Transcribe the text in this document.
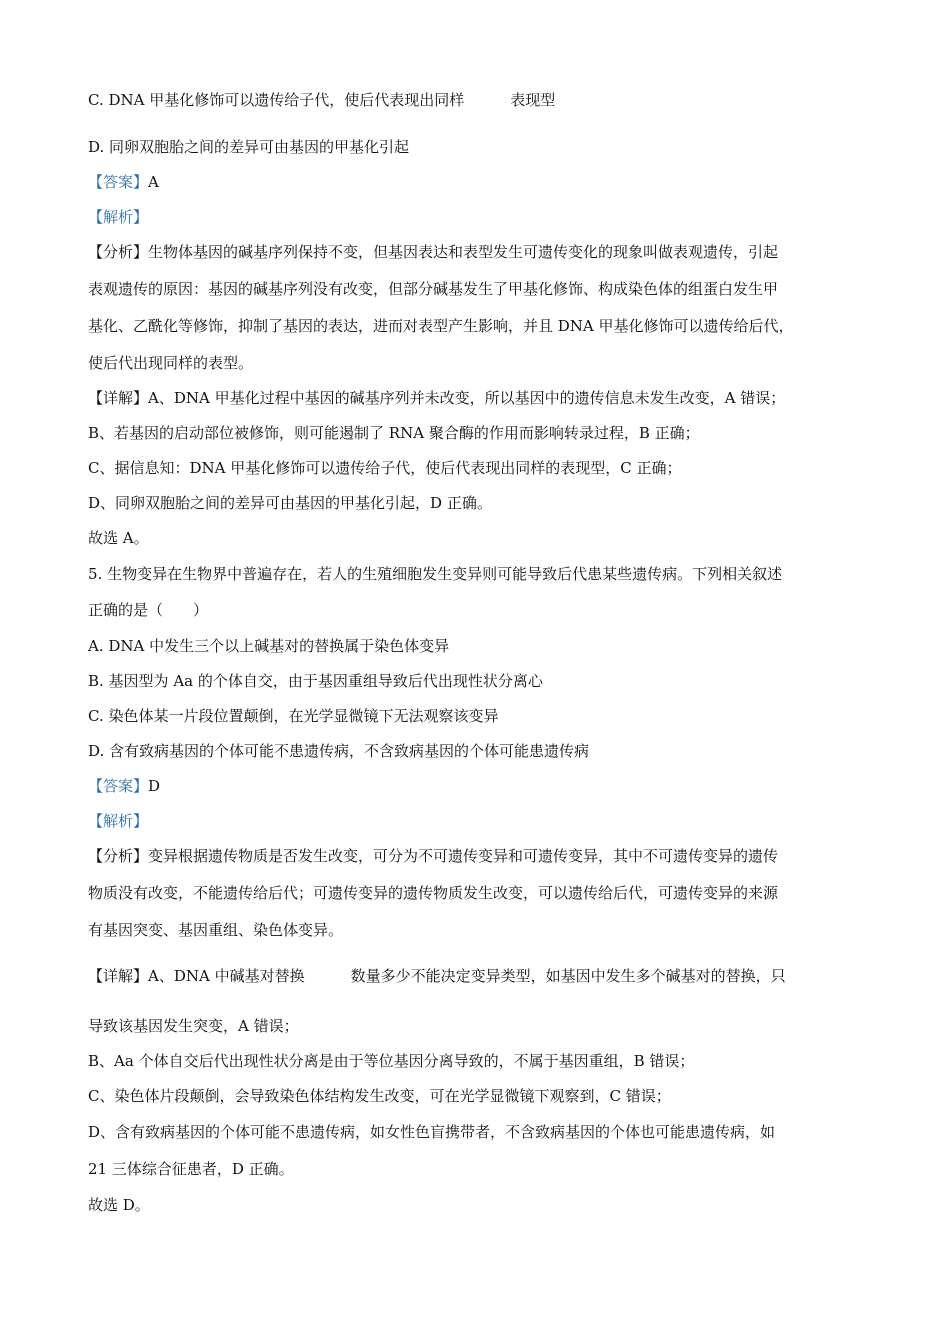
C. DNA 甲基化修饰可以遗传给子代，使后代表现出同样	表现型
D. 同卵双胞胎之间的差异可由基因的甲基化引起
【答案】A
【解析】
【分析】生物体基因的碱基序列保持不变，但基因表达和表型发生可遗传变化的现象叫做表观遗传，引起
表观遗传的原因：基因的碱基序列没有改变，但部分碱基发生了甲基化修饰、构成染色体的组蛋白发生甲
基化、乙酰化等修饰，抑制了基因的表达，进而对表型产生影响，并且 DNA 甲基化修饰可以遗传给后代，
使后代出现同样的表型。
【详解】A、DNA 甲基化过程中基因的碱基序列并未改变，所以基因中的遗传信息未发生改变，A 错误；
B、若基因的启动部位被修饰，则可能遏制了 RNA 聚合酶的作用而影响转录过程，B 正确；
C、据信息知：DNA 甲基化修饰可以遗传给子代，使后代表现出同样的表现型，C 正确；
D、同卵双胞胎之间的差异可由基因的甲基化引起，D 正确。
故选 A。
5. 生物变异在生物界中普遍存在，若人的生殖细胞发生变异则可能导致后代患某些遗传病。下列相关叙述
正确的是（　　）
A. DNA 中发生三个以上碱基对的替换属于染色体变异
B. 基因型为 Aa 的个体自交，由于基因重组导致后代出现性状分离心
C. 染色体某一片段位置颠倒，在光学显微镜下无法观察该变异
D. 含有致病基因的个体可能不患遗传病，不含致病基因的个体可能患遗传病
【答案】D
【解析】
【分析】变异根据遗传物质是否发生改变，可分为不可遗传变异和可遗传变异，其中不可遗传变异的遗传
物质没有改变，不能遗传给后代；可遗传变异的遗传物质发生改变，可以遗传给后代，可遗传变异的来源
有基因突变、基因重组、染色体变异。
【详解】A、DNA 中碱基对替换	数量多少不能决定变异类型，如基因中发生多个碱基对的替换，只
导致该基因发生突变，A 错误；
B、Aa 个体自交后代出现性状分离是由于等位基因分离导致的，不属于基因重组，B 错误；
C、染色体片段颠倒，会导致染色体结构发生改变，可在光学显微镜下观察到，C 错误；
D、含有致病基因的个体可能不患遗传病，如女性色盲携带者，不含致病基因的个体也可能患遗传病，如
21 三体综合征患者，D 正确。
故选 D。
